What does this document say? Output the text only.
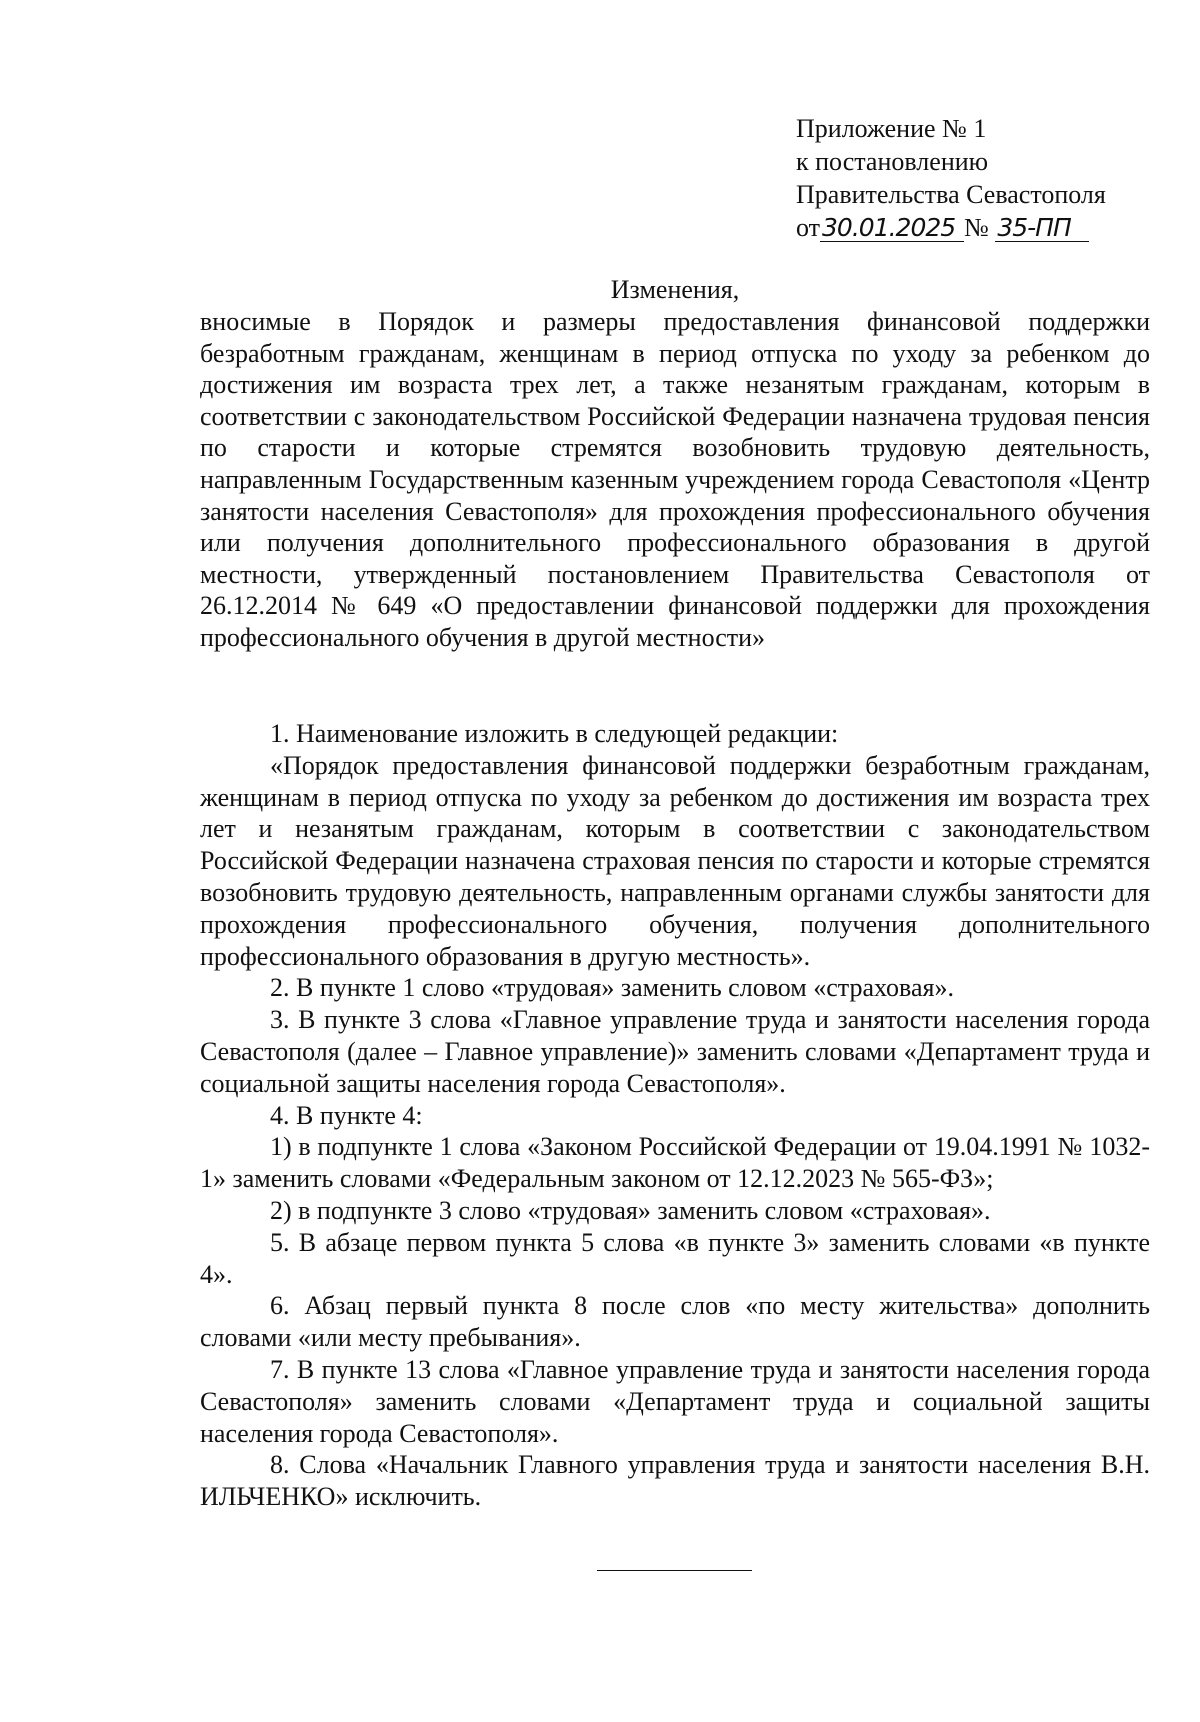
Приложение № 1
к постановлению
Правительства Севастополя
от30.01.2025 № 35-ПП
Изменения,
вносимые в Порядок и размеры предоставления финансовой поддержки безработным гражданам, женщинам в период отпуска по уходу за ребенком до достижения им возраста трех лет, а также незанятым гражданам, которым в соответствии с законодательством Российской Федерации назначена трудовая пенсия по старости и которые стремятся возобновить трудовую деятельность, направленным Государственным казенным учреждением города Севастополя «Центр занятости населения Севастополя» для прохождения профессионального обучения или получения дополнительного профессионального образования в другой местности, утвержденный постановлением Правительства Севастополя от 26.12.2014 № 649 «О предоставлении финансовой поддержки для прохождения профессионального обучения в другой местности»

1. Наименование изложить в следующей редакции:

«Порядок предоставления финансовой поддержки безработным гражданам, женщинам в период отпуска по уходу за ребенком до достижения им возраста трех лет и незанятым гражданам, которым в соответствии с законодательством Российской Федерации назначена страховая пенсия по старости и которые стремятся возобновить трудовую деятельность, направленным органами службы занятости для прохождения профессионального обучения, получения дополнительного профессионального образования в другую местность».

2. В пункте 1 слово «трудовая» заменить словом «страховая».

3. В пункте 3 слова «Главное управление труда и занятости населения города Севастополя (далее – Главное управление)» заменить словами «Департамент труда и социальной защиты населения города Севастополя».

4. В пункте 4:

1) в подпункте 1 слова «Законом Российской Федерации от 19.04.1991 № 1032-1» заменить словами «Федеральным законом от 12.12.2023 № 565-ФЗ»;

2) в подпункте 3 слово «трудовая» заменить словом «страховая».

5. В абзаце первом пункта 5 слова «в пункте 3» заменить словами «в пункте 4».

6. Абзац первый пункта 8 после слов «по месту жительства» дополнить словами «или месту пребывания».

7. В пункте 13 слова «Главное управление труда и занятости населения города Севастополя» заменить словами «Департамент труда и социальной защиты населения города Севастополя».

8. Слова «Начальник Главного управления труда и занятости населения В.Н. ИЛЬЧЕНКО» исключить.
